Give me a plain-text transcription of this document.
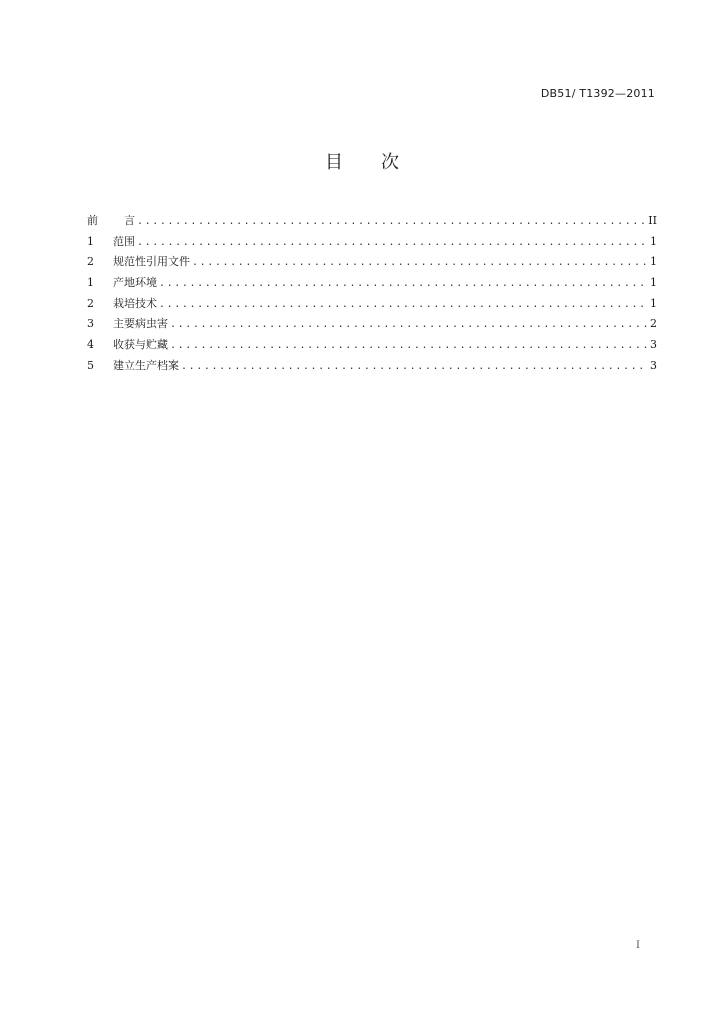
DB51/ T1392—2011
目 次
前	言 .....	II
1	范围 .....	1
2	规范性引用文件 .....	1
1	产地环境 .....	1
2	栽培技术 .....	1
3	主要病虫害 .....	2
4	收获与贮藏 .....	3
5	建立生产档案 .....	3
I
